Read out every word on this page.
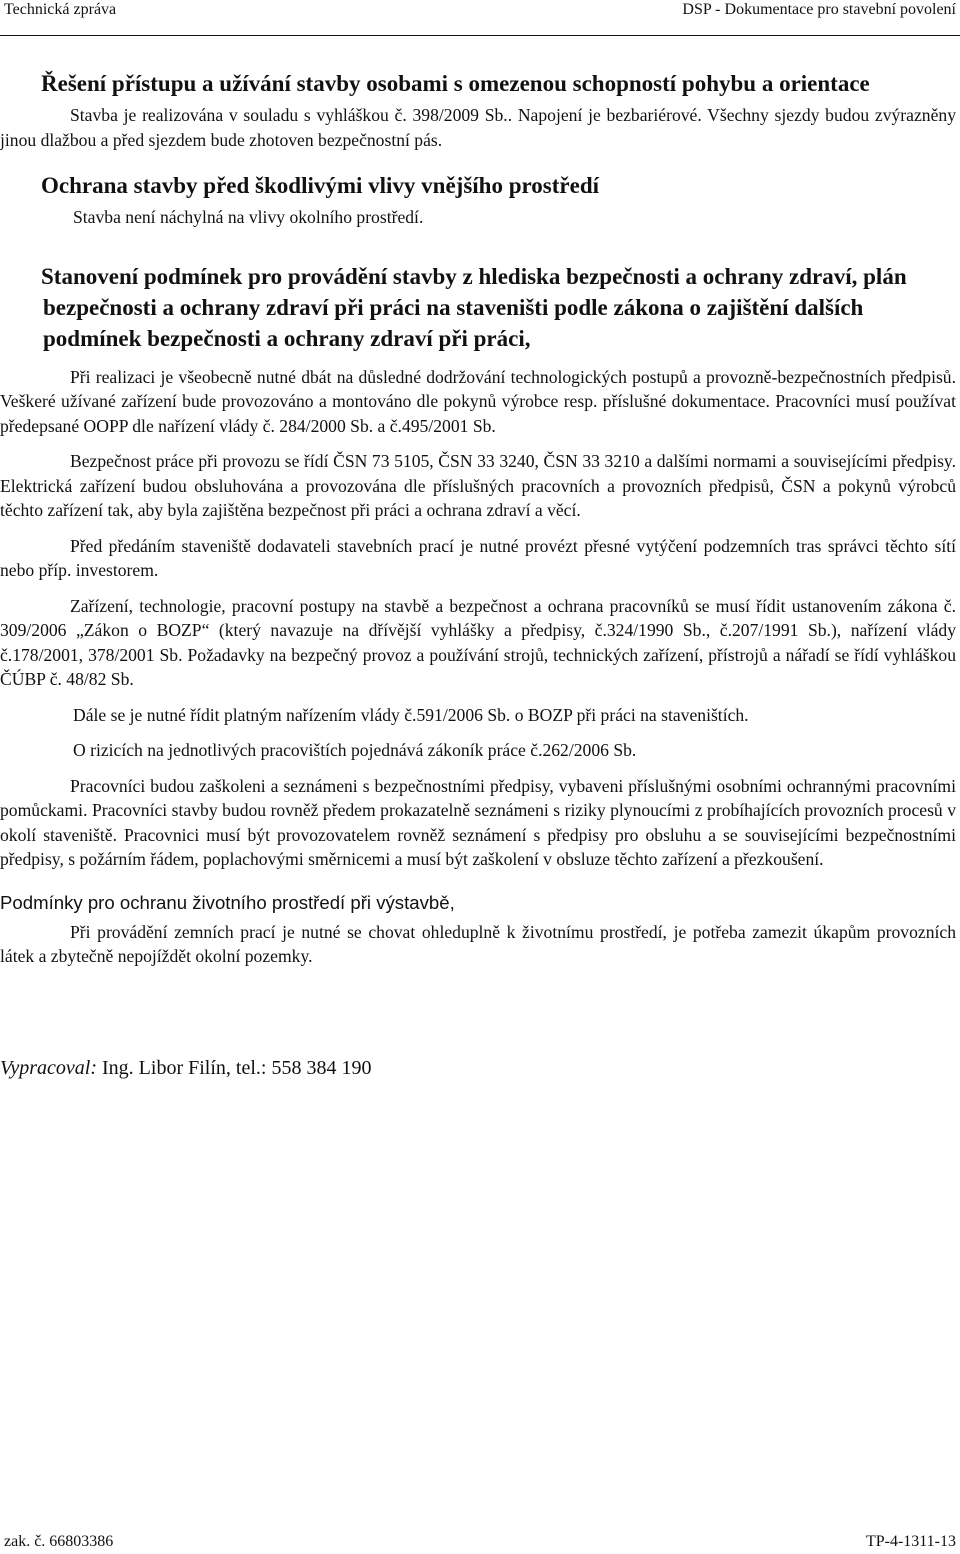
Technická zpráva	DSP - Dokumentace pro stavební povolení
Řešení přístupu a užívání stavby osobami s omezenou schopností pohybu a orientace

Stavba je realizována v souladu s vyhláškou č. 398/2009 Sb.. Napojení je bezbariérové. Všechny sjezdy budou zvýrazněny jinou dlažbou a před sjezdem bude zhotoven bezpečnostní pás.

Ochrana stavby před škodlivými vlivy vnějšího prostředí

Stavba není náchylná na vlivy okolního prostředí.

Stanovení podmínek pro provádění stavby z hlediska bezpečnosti a ochrany zdraví, plán bezpečnosti a ochrany zdraví při práci na staveništi podle zákona o zajištění dalších podmínek bezpečnosti a ochrany zdraví při práci,

Při realizaci je všeobecně nutné dbát na důsledné dodržování technologických postupů a provozně-bezpečnostních předpisů. Veškeré užívané zařízení bude provozováno a montováno dle pokynů výrobce resp. příslušné dokumentace. Pracovníci musí používat předepsané OOPP dle nařízení vlády č. 284/2000 Sb. a č.495/2001 Sb.

Bezpečnost práce při provozu se řídí ČSN 73 5105, ČSN 33 3240, ČSN 33 3210 a dalšími normami a souvisejícími předpisy. Elektrická zařízení budou obsluhována a provozována dle příslušných pracovních a provozních předpisů, ČSN a pokynů výrobců těchto zařízení tak, aby byla zajištěna bezpečnost při práci a ochrana zdraví a věcí.

Před předáním staveniště dodavateli stavebních prací je nutné provézt přesné vytýčení podzemních tras správci těchto sítí nebo příp. investorem.

Zařízení, technologie, pracovní postupy na stavbě a bezpečnost a ochrana pracovníků se musí řídit ustanovením zákona č. 309/2006 „Zákon o BOZP“ (který navazuje na dřívější vyhlášky a předpisy, č.324/1990 Sb., č.207/1991 Sb.), nařízení vlády č.178/2001, 378/2001 Sb. Požadavky na bezpečný provoz a používání strojů, technických zařízení, přístrojů a nářadí se řídí vyhláškou ČÚBP č. 48/82 Sb.

Dále se je nutné řídit platným nařízením vlády č.591/2006 Sb. o BOZP při práci na staveništích.

O rizicích na jednotlivých pracovištích pojednává zákoník práce č.262/2006 Sb.

Pracovníci budou zaškoleni a seznámeni s bezpečnostními předpisy, vybaveni příslušnými osobními ochrannými pracovními pomůckami. Pracovníci stavby budou rovněž předem prokazatelně seznámeni s riziky plynoucími z probíhajících provozních procesů v okolí staveniště. Pracovnici musí být provozovatelem rovněž seznámení s předpisy pro obsluhu a se souvisejícími bezpečnostními předpisy, s požárním řádem, poplachovými směrnicemi a musí být zaškolení v obsluze těchto zařízení a přezkoušení.

Podmínky pro ochranu životního prostředí při výstavbě,

Při provádění zemních prací je nutné se chovat ohleduplně k životnímu prostředí, je potřeba zamezit úkapům provozních látek a zbytečně nepojíždět okolní pozemky.

Vypracoval: Ing. Libor Filín, tel.: 558 384 190

zak. č. 66803386	TP-4-1311-13
